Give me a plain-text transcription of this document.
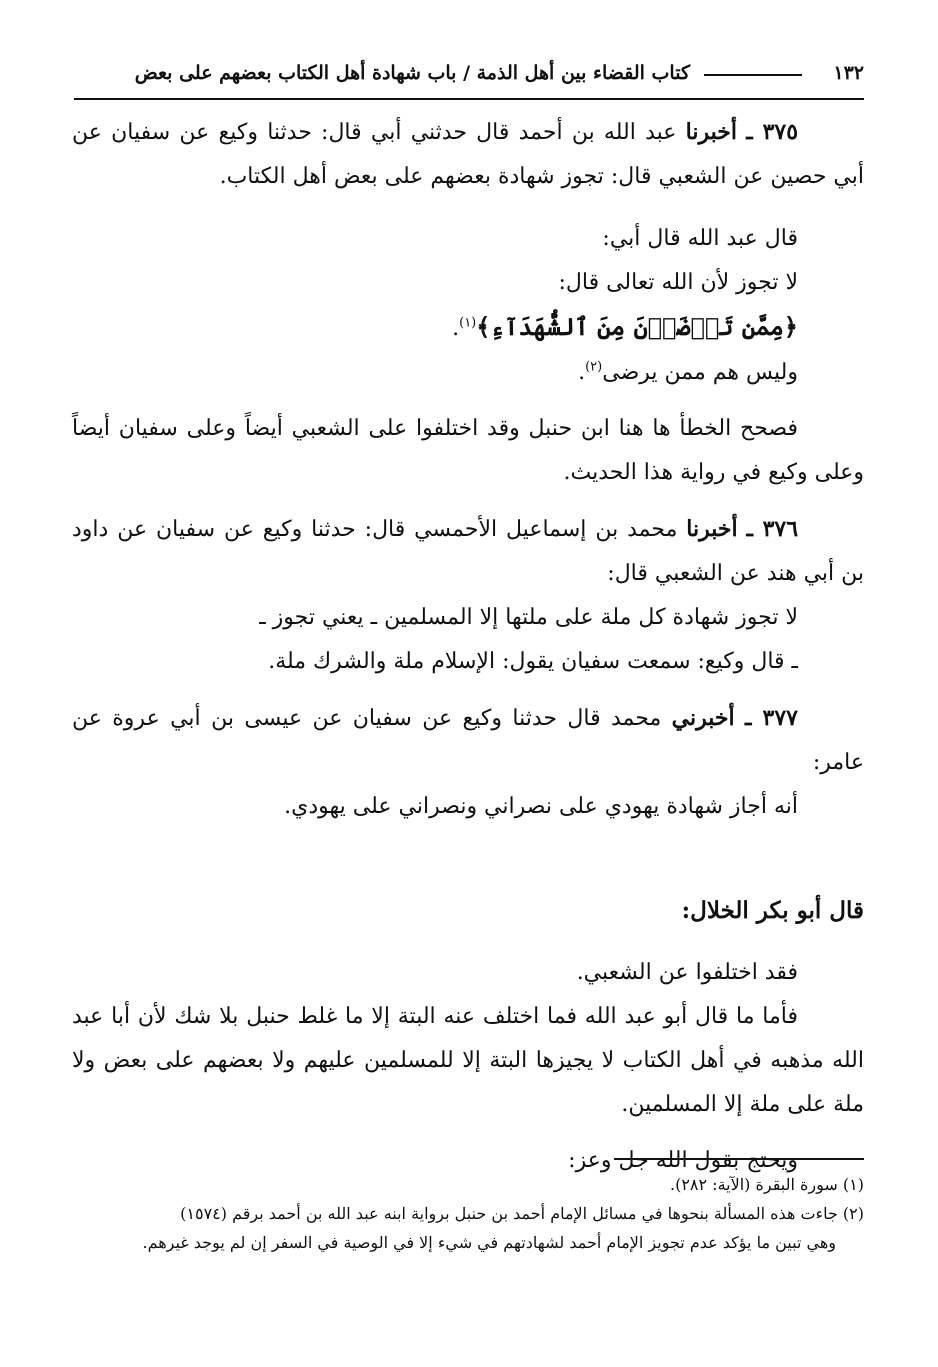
١٣٢
كتاب القضاء بين أهل الذمة / باب شهادة أهل الكتاب بعضهم على بعض

٣٧٥ ـ أخبرنا عبد الله بن أحمد قال حدثني أبي قال: حدثنا وكيع عن سفيان عن أبي حصين عن الشعبي قال: تجوز شهادة بعضهم على بعض أهل الكتاب.

قال عبد الله قال أبي:

لا تجوز لأن الله تعالى قال:

﴿مِمَّن تَرۡضَوۡنَ مِنَ ٱلشُّهَدَآءِ﴾$^{(١)}$.

وليس هم ممن يرضى$^{(٢)}$.

فصحح الخطأ ها هنا ابن حنبل وقد اختلفوا على الشعبي أيضاً وعلى سفيان أيضاً وعلى وكيع في رواية هذا الحديث.

٣٧٦ ـ أخبرنا محمد بن إسماعيل الأحمسي قال: حدثنا وكيع عن سفيان عن داود بن أبي هند عن الشعبي قال:

لا تجوز شهادة كل ملة على ملتها إلا المسلمين ـ يعني تجوز ـ

ـ قال وكيع: سمعت سفيان يقول: الإسلام ملة والشرك ملة.

٣٧٧ ـ أخبرني محمد قال حدثنا وكيع عن سفيان عن عيسى بن أبي عروة عن عامر:

أنه أجاز شهادة يهودي على نصراني ونصراني على يهودي.

قال أبو بكر الخلال:

فقد اختلفوا عن الشعبي.

فأما ما قال أبو عبد الله فما اختلف عنه البتة إلا ما غلط حنبل بلا شك لأن أبا عبد الله مذهبه في أهل الكتاب لا يجيزها البتة إلا للمسلمين عليهم ولا بعضهم على بعض ولا ملة على ملة إلا المسلمين.

ويحتج بقول الله جل وعز:

(١) سورة البقرة (الآية: ٢٨٢).

(٢) جاءت هذه المسألة بنحوها في مسائل الإمام أحمد بن حنبل برواية ابنه عبد الله بن أحمد برقم (١٥٧٤)

وهي تبين ما يؤكد عدم تجويز الإمام أحمد لشهادتهم في شيء إلا في الوصية في السفر إن لم يوجد غيرهم.
